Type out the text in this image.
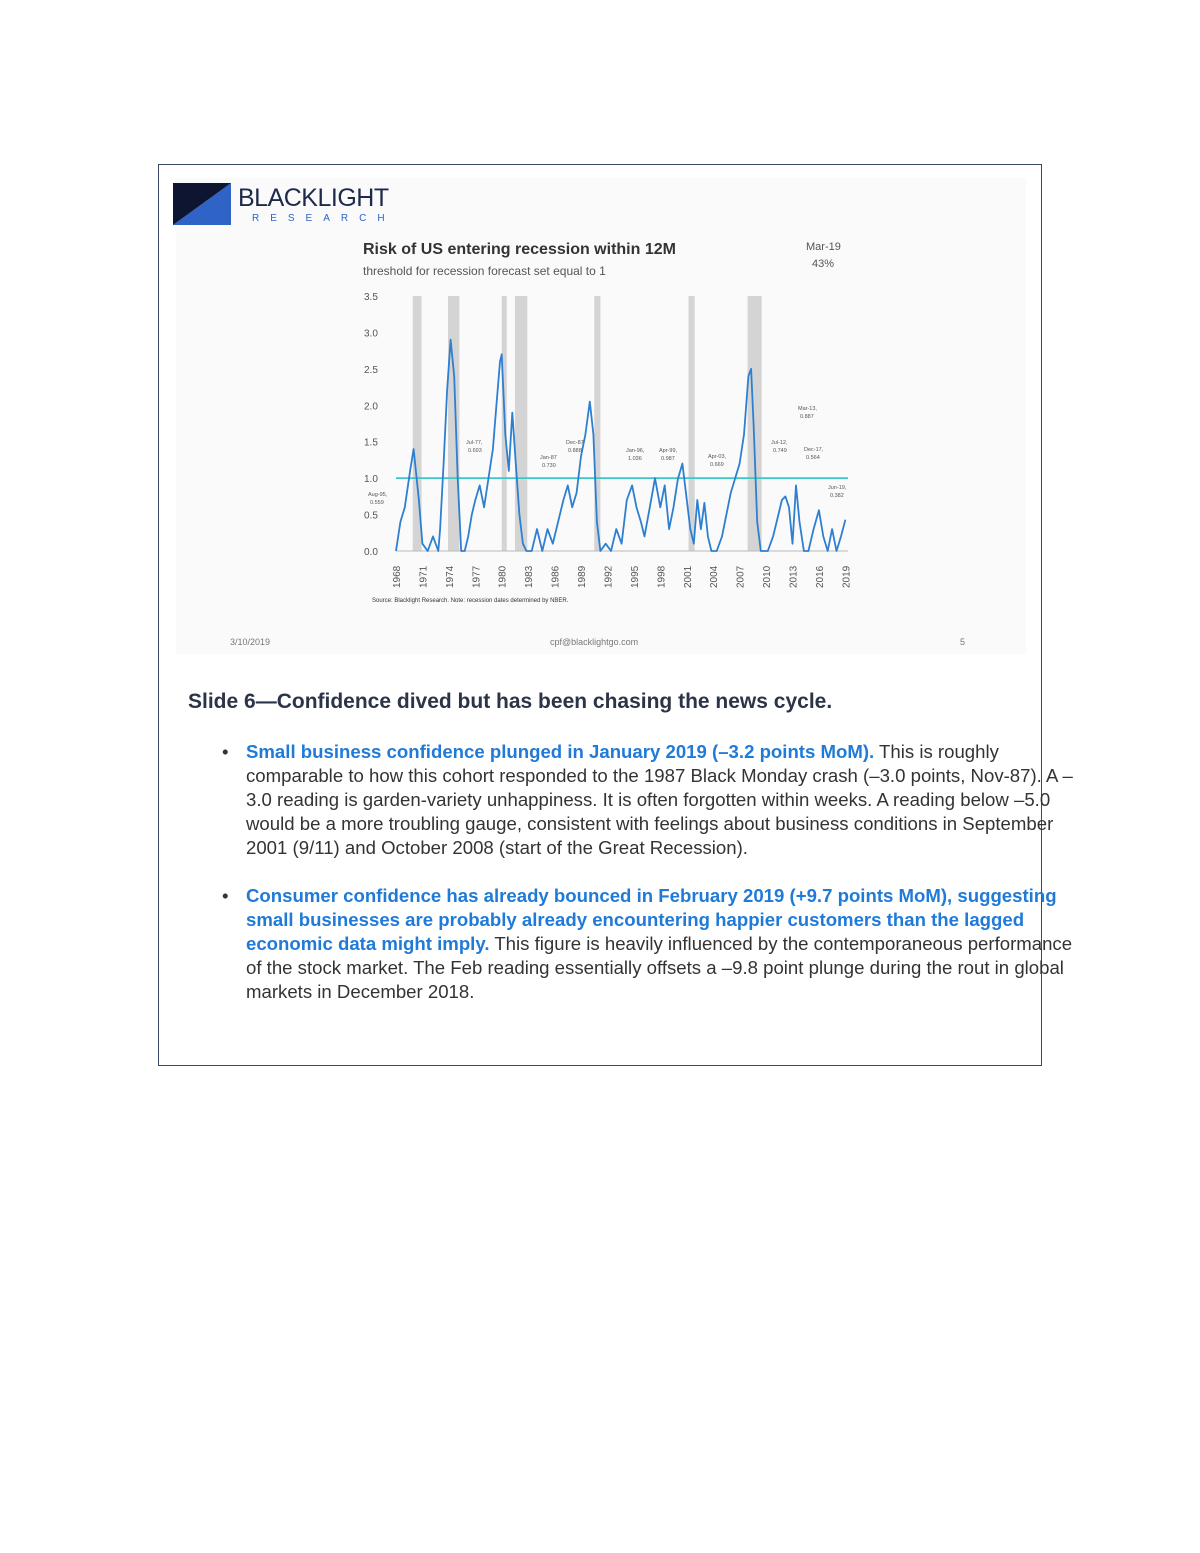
BLACKLIGHT
RESEARCH
Risk of US entering recession within 12M
threshold for recession forecast set equal to 1
Mar-19
43%
0.0
0.5
1.0
1.5
2.0
2.5
3.0
3.5
1968 1971 1974 1977 1980 1983 1986 1989 1992 1995 1998 2001 2004 2007 2010 2013 2016 2019
Aug-95,
0.559
Jul-77,
0.693
Jan-87
0.730
Dec-87
0.888	Jan-96,
1.036
Apr-99,
0.987	Apr-03,
0.669
Jul-12,
0.749
Mar-13,
0.887
Dec-17,
0.564
Jun-19,
0.382
Source: Blacklight Research. Note: recession dates determined by NBER.
3/10/2019	cpf@blacklightgo.com	5
Slide 6—Confidence dived but has been chasing the news cycle.
• Small business confidence plunged in January 2019 (–3.2 points MoM). This is roughly comparable to how this cohort responded to the 1987 Black Monday crash (–3.0 points, Nov-87). A –3.0 reading is garden-variety unhappiness. It is often forgotten within weeks. A reading below –5.0 would be a more troubling gauge, consistent with feelings about business conditions in September 2001 (9/11) and October 2008 (start of the Great Recession).
• Consumer confidence has already bounced in February 2019 (+9.7 points MoM), suggesting small businesses are probably already encountering happier customers than the lagged economic data might imply. This figure is heavily influenced by the contemporaneous performance of the stock market. The Feb reading essentially offsets a –9.8 point plunge during the rout in global markets in December 2018.
